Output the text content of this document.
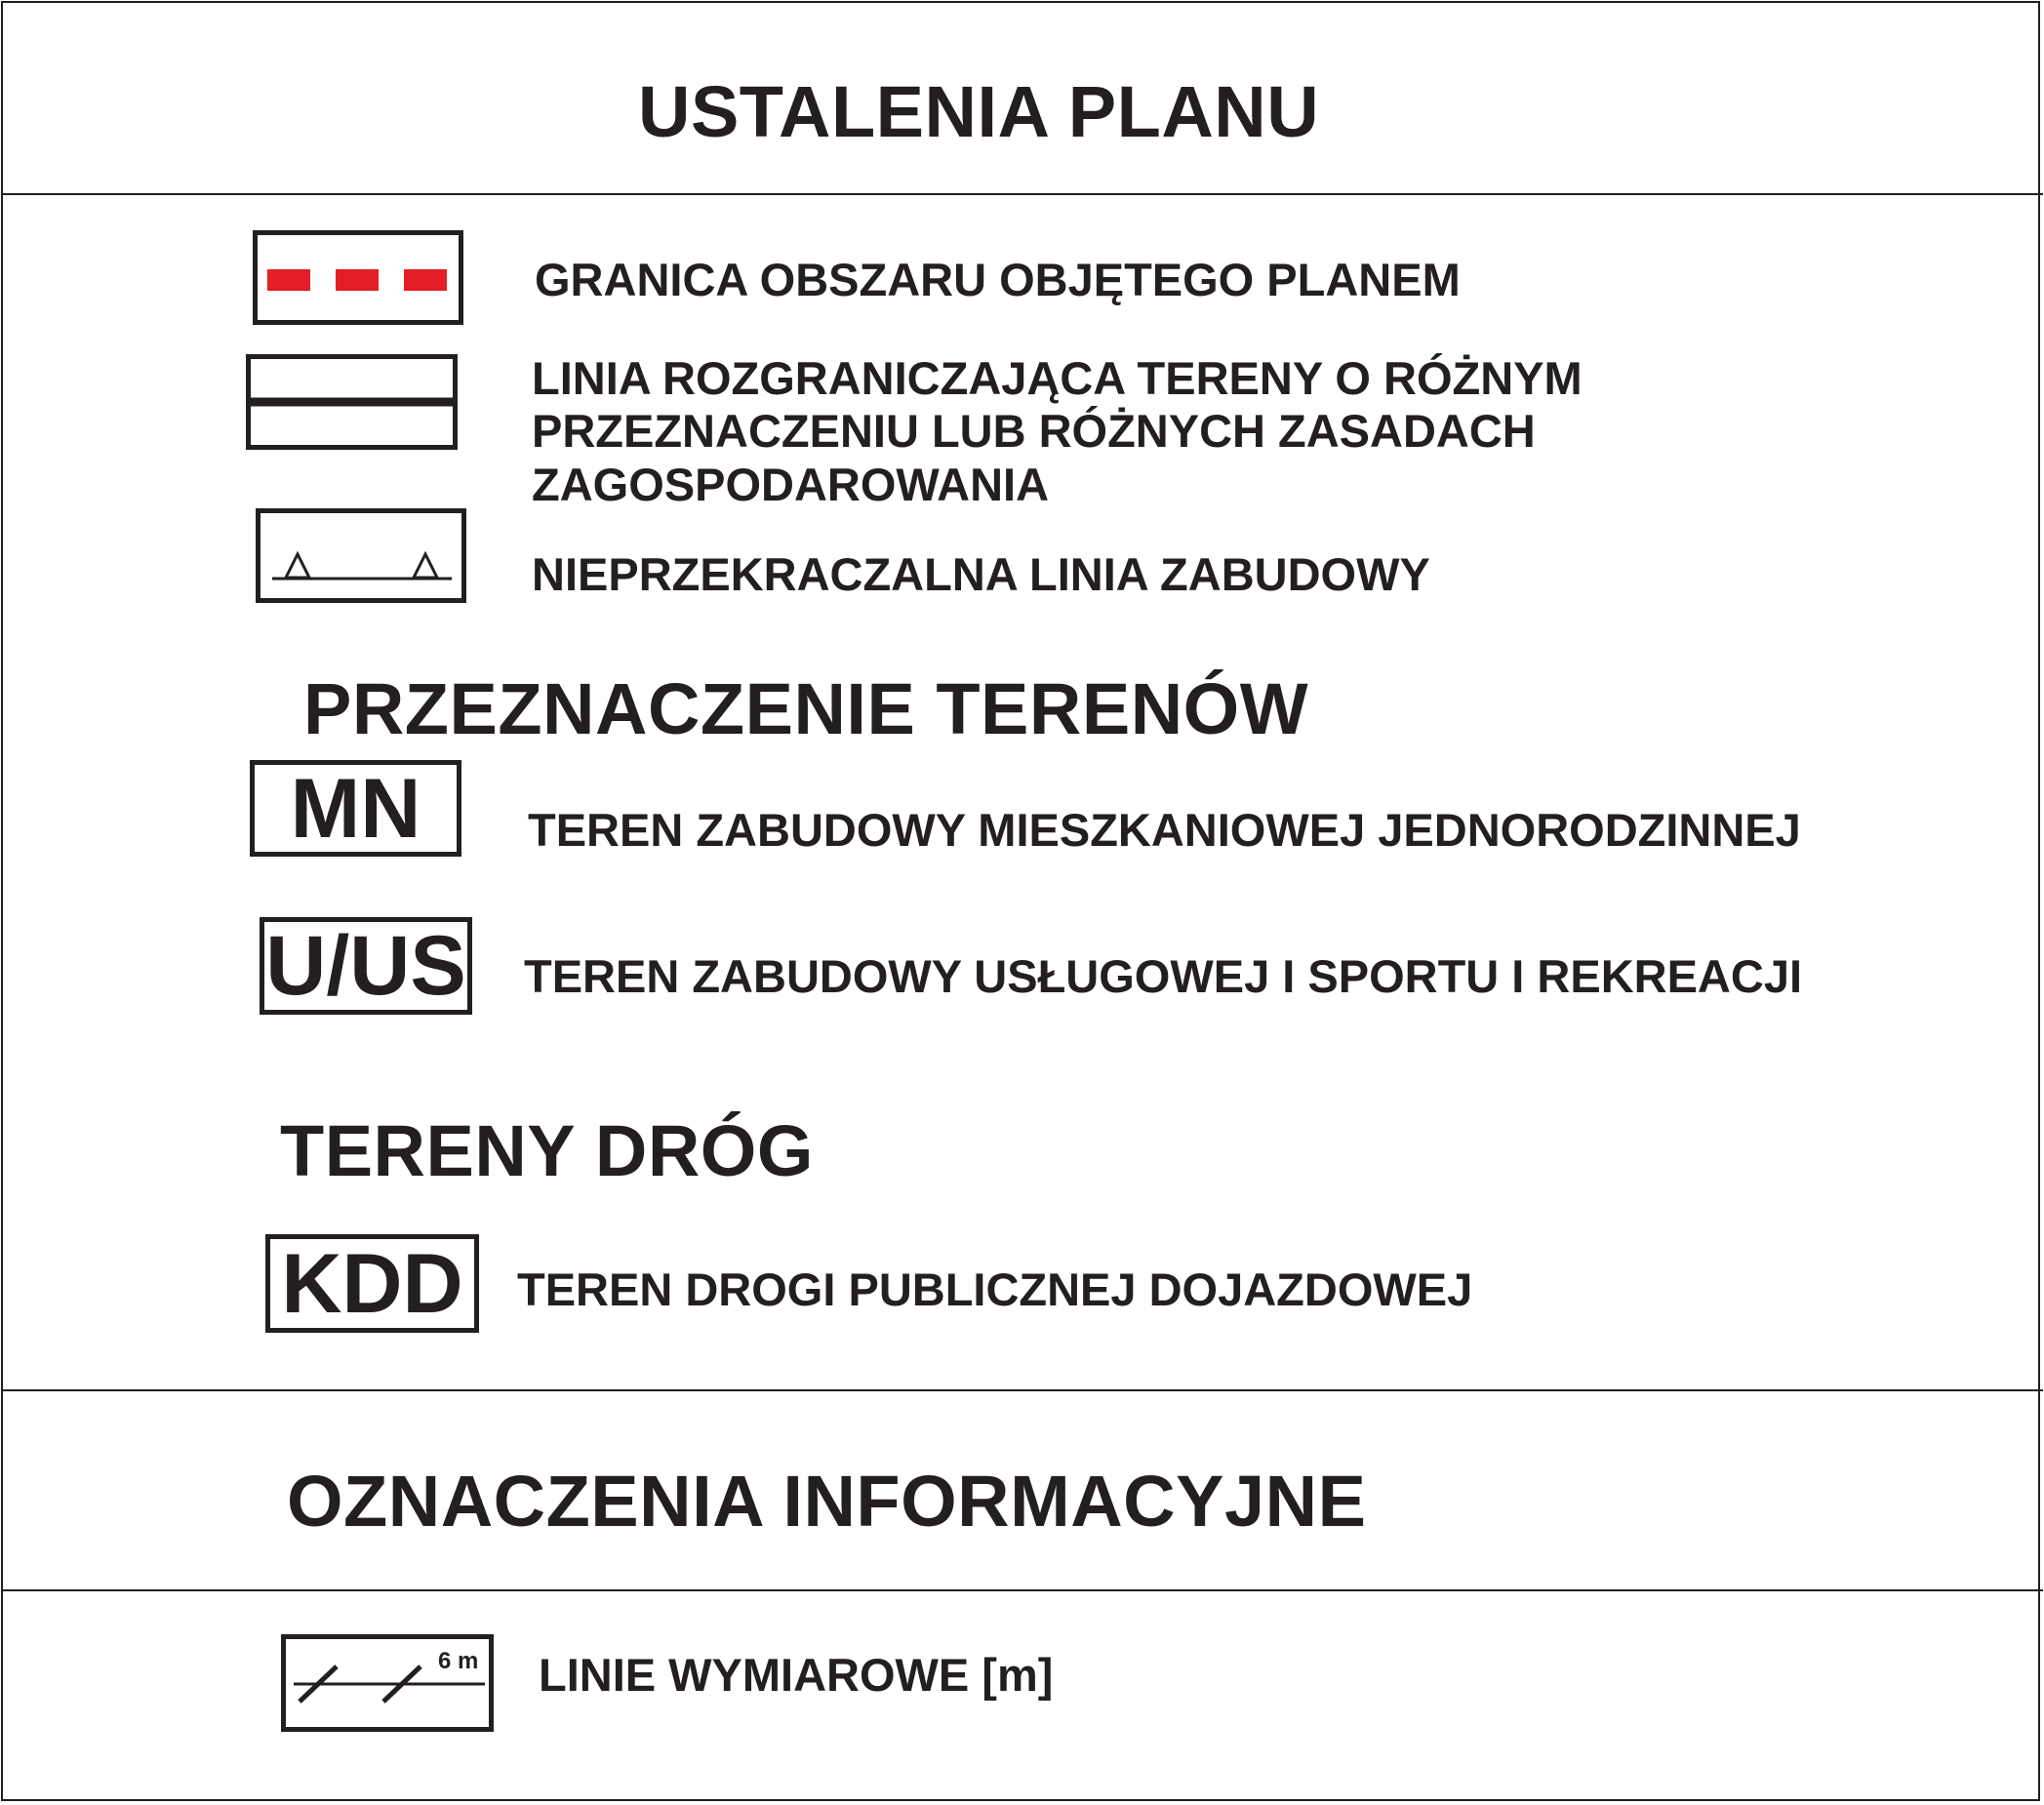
USTALENIA PLANU
GRANICA OBSZARU OBJĘTEGO PLANEM
LINIA ROZGRANICZAJĄCA TERENY O RÓŻNYM
PRZEZNACZENIU LUB RÓŻNYCH ZASADACH
ZAGOSPODAROWANIA
NIEPRZEKRACZALNA LINIA ZABUDOWY
PRZEZNACZENIE TERENÓW
MN	TEREN ZABUDOWY MIESZKANIOWEJ JEDNORODZINNEJ
U/US TEREN ZABUDOWY USŁUGOWEJ I SPORTU I REKREACJI
TERENY DRÓG
KDD	TEREN DROGI PUBLICZNEJ DOJAZDOWEJ
OZNACZENIA INFORMACYJNE
6 m LINIE WYMIAROWE [m]
